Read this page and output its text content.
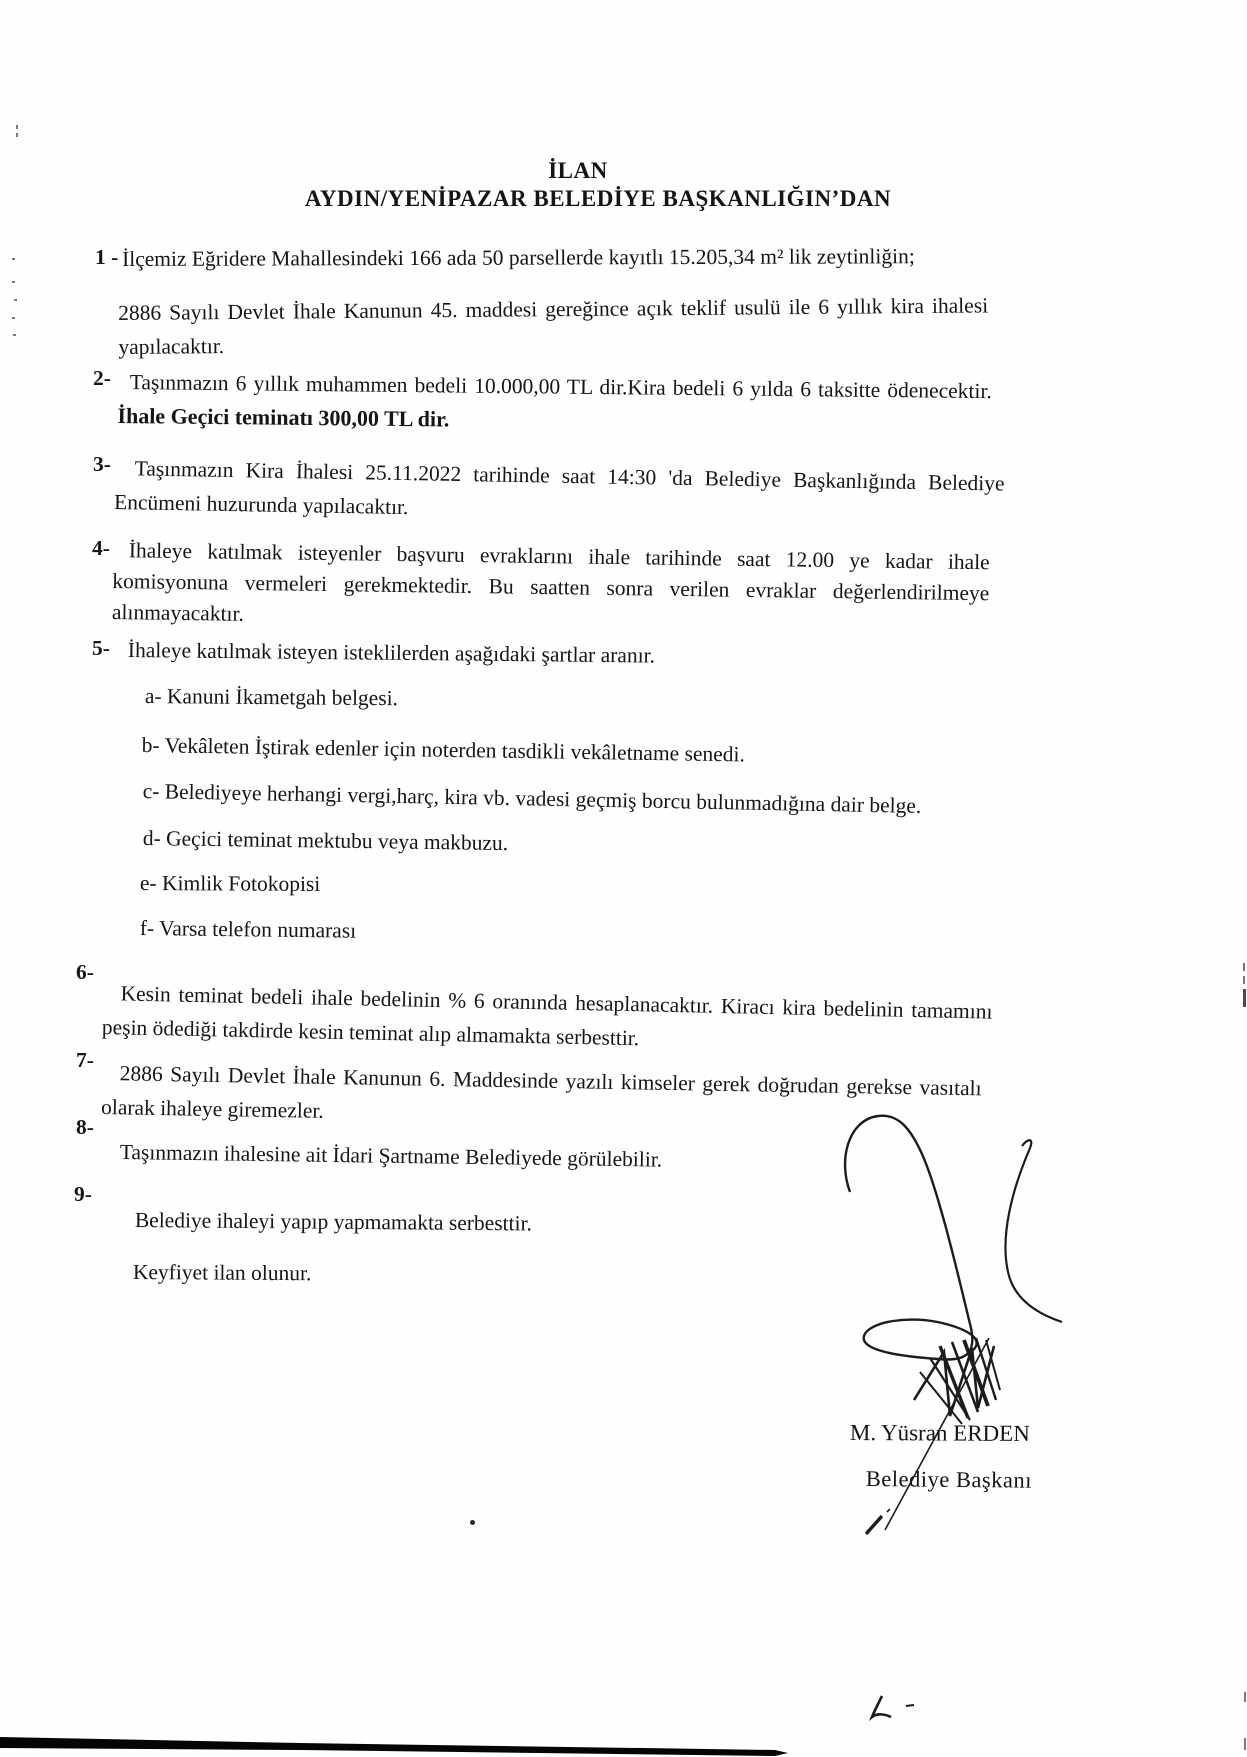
İLAN
AYDIN/YENİPAZAR BELEDİYE BAŞKANLIĞIN’DAN
1 - İlçemiz Eğridere Mahallesindeki 166 ada 50 parsellerde kayıtlı 15.205,34 m² lik zeytinliğin;
2886 Sayılı Devlet İhale Kanunun 45. maddesi gereğince açık teklif usulü ile 6 yıllık kira ihalesi yapılacaktır.
2- Taşınmazın 6 yıllık muhammen bedeli 10.000,00 TL dir.Kira bedeli 6 yılda 6 taksitte ödenecektir. İhale Geçici teminatı 300,00 TL dir.
3-	Taşınmazın Kira İhalesi 25.11.2022 tarihinde saat 14:30 'da Belediye Başkanlığında Belediye Encümeni huzurunda yapılacaktır.
4- İhaleye katılmak isteyenler başvuru evraklarını ihale tarihinde saat 12.00 ye kadar ihale komisyonuna vermeleri gerekmektedir. Bu saatten sonra verilen evraklar değerlendirilmeye alınmayacaktır.
5- İhaleye katılmak isteyen isteklilerden aşağıdaki şartlar aranır.
a- Kanuni İkametgah belgesi.
b- Vekâleten İştirak edenler için noterden tasdikli vekâletname senedi.
c- Belediyeye herhangi vergi,harç, kira vb. vadesi geçmiş borcu bulunmadığına dair belge.
d- Geçici teminat mektubu veya makbuzu.
e- Kimlik Fotokopisi
f- Varsa telefon numarası
6-
Kesin teminat bedeli ihale bedelinin % 6 oranında hesaplanacaktır. Kiracı kira bedelinin tamamını peşin ödediği takdirde kesin teminat alıp almamakta serbesttir.
7-
2886 Sayılı Devlet İhale Kanunun 6. Maddesinde yazılı kimseler gerek doğrudan gerekse vasıtalı olarak ihaleye giremezler.
8-
Taşınmazın ihalesine ait İdari Şartname Belediyede görülebilir.
9-
Belediye ihaleyi yapıp yapmamakta serbesttir.
Keyfiyet ilan olunur.
M. Yüsran ERDEN
Belediye Başkanı
